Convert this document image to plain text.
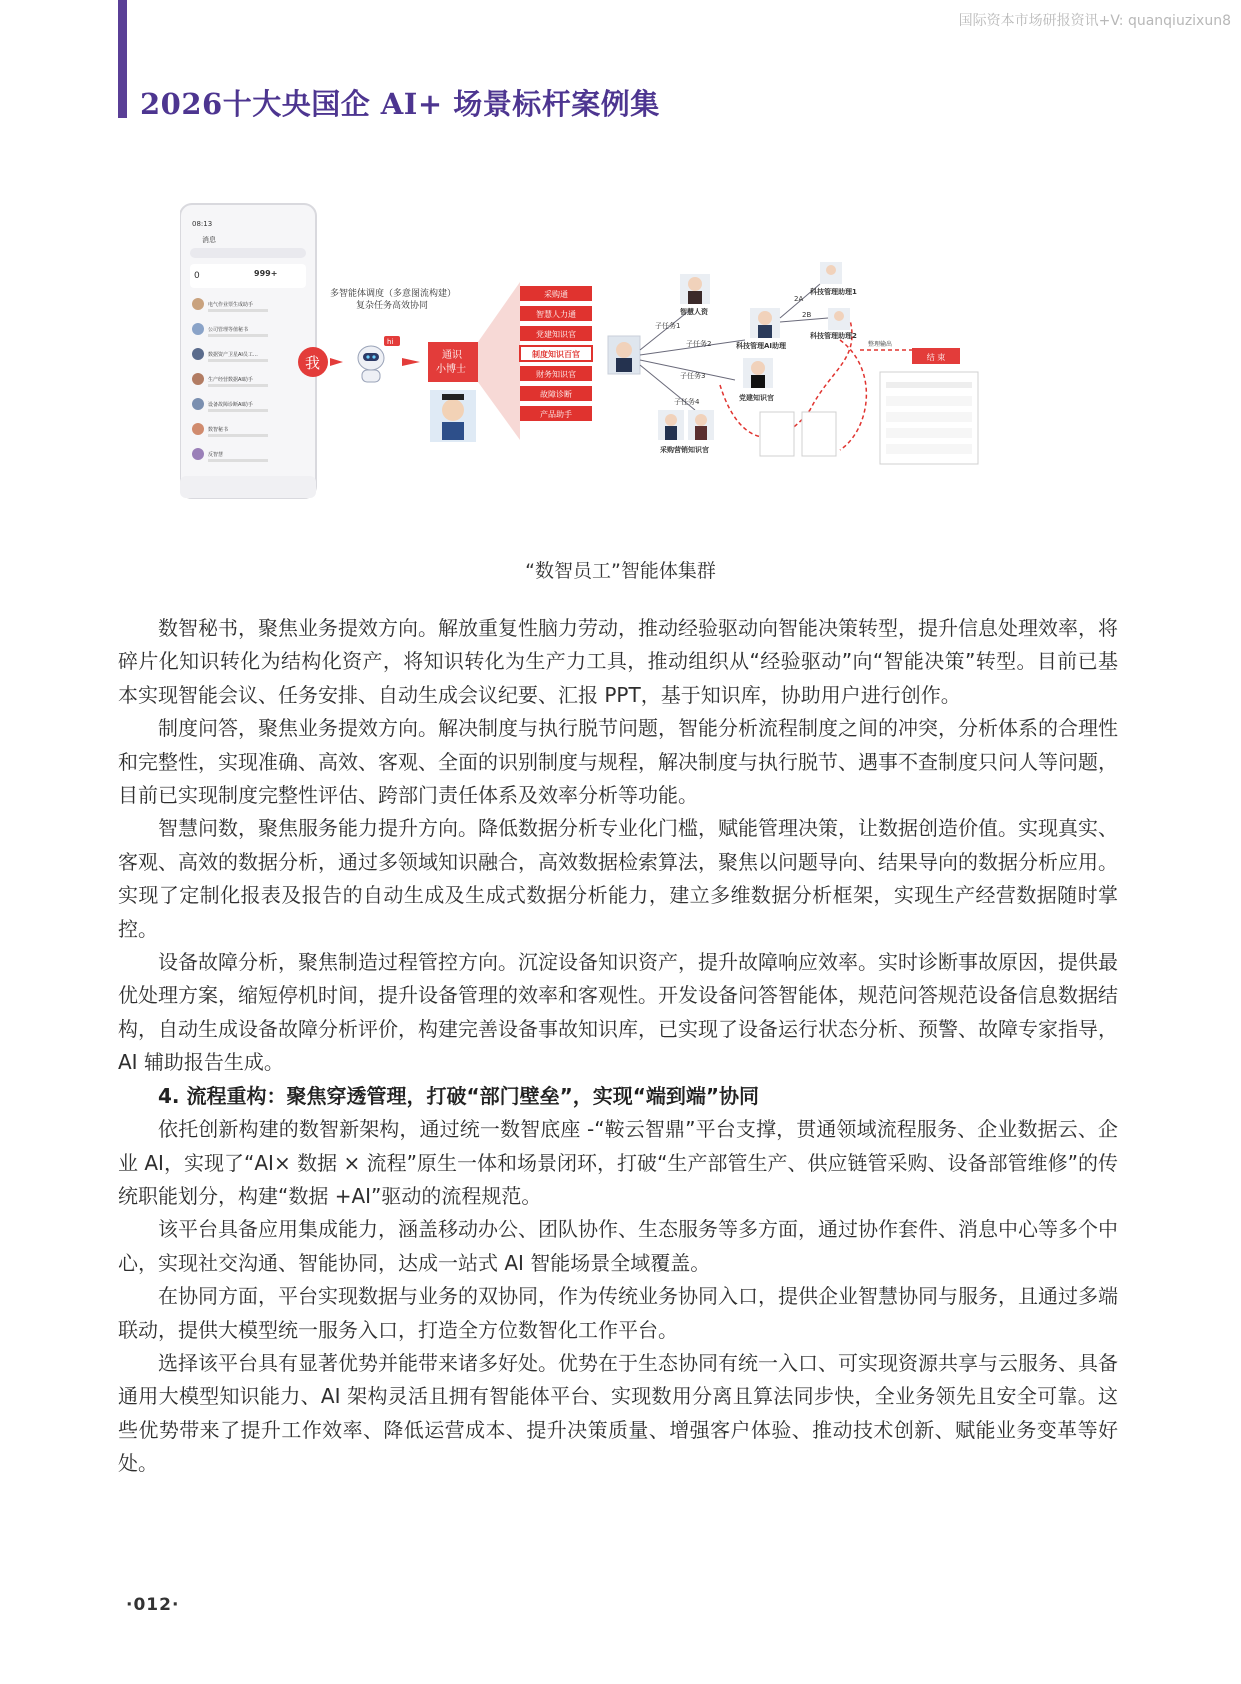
国际资本市场研报资讯+V: quanqiuzixun8
2026十大央国企 AI+ 场景标杆案例集
08:13
消息
0	999+
电气作业票生成助手
公司管理等值秘书
数据资产卫星AI员工…
生产经营数据AI助手
设备故障诊断AI助手
数智秘书
反智慧
多智能体调度（多意图流构建）
复杂任务高效协同
我
hi
通识
小博士
采购通
智慧人力通
党建知识官
制度知识百官
财务知识官
故障诊断
产品助手
子任务1
子任务2
子任务3
子任务4
智慧人资
科技管理AI助理
党建知识官
采购营销知识官
科技管理助理1
科技管理助理2
2A
2B
整理输出
结 束
“数智员工”智能体集群

数智秘书，聚焦业务提效方向。解放重复性脑力劳动，推动经验驱动向智能决策转型，提升信息处理效率，将碎片化知识转化为结构化资产，将知识转化为生产力工具，推动组织从“经验驱动”向“智能决策”转型。目前已基本实现智能会议、任务安排、自动生成会议纪要、汇报 PPT，基于知识库，协助用户进行创作。

制度问答，聚焦业务提效方向。解决制度与执行脱节问题，智能分析流程制度之间的冲突，分析体系的合理性和完整性，实现准确、高效、客观、全面的识别制度与规程，解决制度与执行脱节、遇事不查制度只问人等问题，目前已实现制度完整性评估、跨部门责任体系及效率分析等功能。

智慧问数，聚焦服务能力提升方向。降低数据分析专业化门槛，赋能管理决策，让数据创造价值。实现真实、客观、高效的数据分析，通过多领域知识融合，高效数据检索算法，聚焦以问题导向、结果导向的数据分析应用。实现了定制化报表及报告的自动生成及生成式数据分析能力，建立多维数据分析框架，实现生产经营数据随时掌控。

设备故障分析，聚焦制造过程管控方向。沉淀设备知识资产，提升故障响应效率。实时诊断事故原因，提供最优处理方案，缩短停机时间，提升设备管理的效率和客观性。开发设备问答智能体，规范问答规范设备信息数据结构，自动生成设备故障分析评价，构建完善设备事故知识库，已实现了设备运行状态分析、预警、故障专家指导，AI 辅助报告生成。

4. 流程重构：聚焦穿透管理，打破“部门壁垒”，实现“端到端”协同

依托创新构建的数智新架构，通过统一数智底座 -“鞍云智鼎”平台支撑，贯通领域流程服务、企业数据云、企业 AI，实现了“AI× 数据 × 流程”原生一体和场景闭环，打破“生产部管生产、供应链管采购、设备部管维修”的传统职能划分，构建“数据 +AI”驱动的流程规范。

该平台具备应用集成能力，涵盖移动办公、团队协作、生态服务等多方面，通过协作套件、消息中心等多个中心，实现社交沟通、智能协同，达成一站式 AI 智能场景全域覆盖。

在协同方面，平台实现数据与业务的双协同，作为传统业务协同入口，提供企业智慧协同与服务，且通过多端联动，提供大模型统一服务入口，打造全方位数智化工作平台。

选择该平台具有显著优势并能带来诸多好处。优势在于生态协同有统一入口、可实现资源共享与云服务、具备通用大模型知识能力、AI 架构灵活且拥有智能体平台、实现数用分离且算法同步快，全业务领先且安全可靠。这些优势带来了提升工作效率、降低运营成本、提升决策质量、增强客户体验、推动技术创新、赋能业务变革等好处。

·012·
